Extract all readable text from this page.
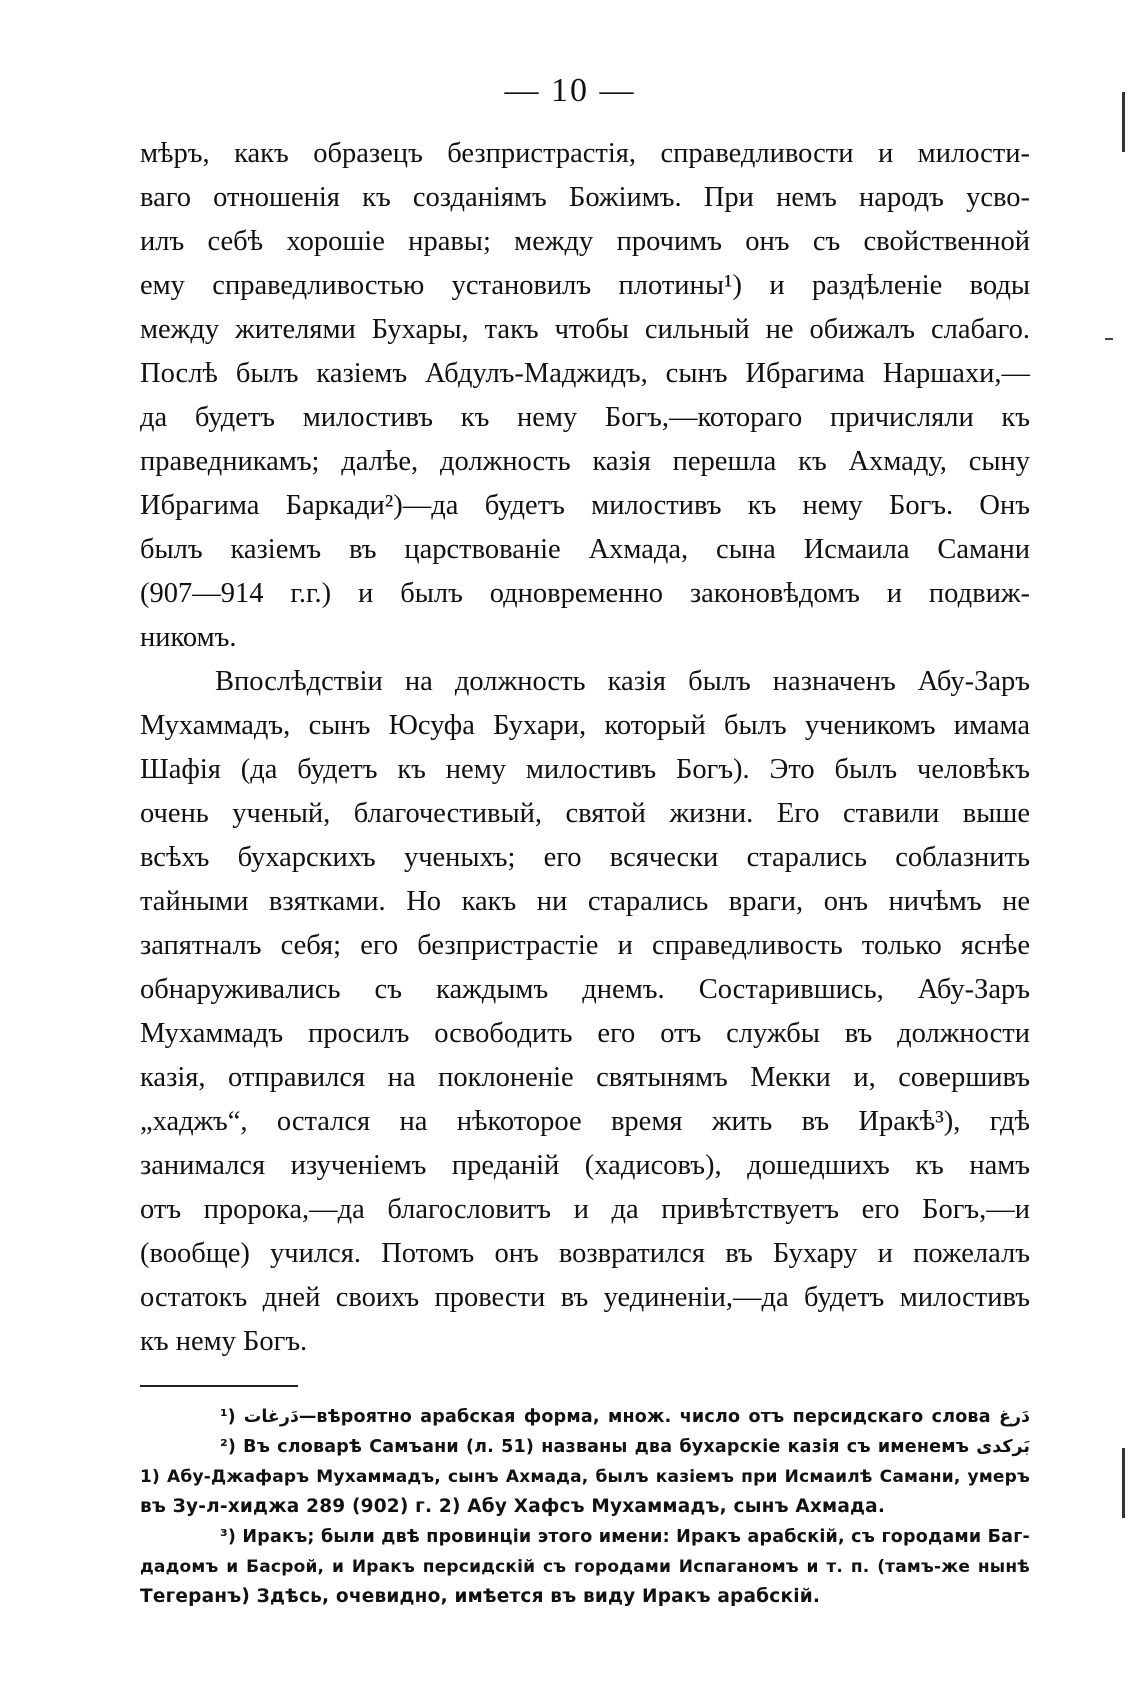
— 10 —
мѣръ, какъ образецъ безпристрастія, справедливости и милости-
ваго отношенія къ созданіямъ Божіимъ. При немъ народъ усво-
илъ себѣ хорошіе нравы; между прочимъ онъ съ свойственной
ему справедливостью установилъ плотины¹) и раздѣленіе воды
между жителями Бухары, такъ чтобы сильный не обижалъ слабаго.
Послѣ былъ казіемъ Абдулъ-Маджидъ, сынъ Ибрагима Наршахи,—
да будетъ милостивъ къ нему Богъ,—котораго причисляли къ
праведникамъ; далѣе, должность казія перешла къ Ахмаду, сыну
Ибрагима Баркади²)—да будетъ милостивъ къ нему Богъ. Онъ
былъ казіемъ въ царствованіе Ахмада, сына Исмаила Самани
(907—914 г.г.) и былъ одновременно законовѣдомъ и подвиж-
никомъ.
Впослѣдствіи на должность казія былъ назначенъ Абу-Заръ
Мухаммадъ, сынъ Юсуфа Бухари, который былъ ученикомъ имама
Шафія (да будетъ къ нему милостивъ Богъ). Это былъ человѣкъ
очень ученый, благочестивый, святой жизни. Его ставили выше
всѣхъ бухарскихъ ученыхъ; его всячески старались соблазнить
тайными взятками. Но какъ ни старались враги, онъ ничѣмъ не
запятналъ себя; его безпристрастіе и справедливость только яснѣе
обнаруживались съ каждымъ днемъ. Состарившись, Абу-Заръ
Мухаммадъ просилъ освободить его отъ службы въ должности
казія, отправился на поклоненіе святынямъ Мекки и, совершивъ
„хаджъ“, остался на нѣкоторое время жить въ Иракѣ³), гдѣ
занимался изученіемъ преданій (хадисовъ), дошедшихъ къ намъ
отъ пророка,—да благословитъ и да привѣтствуетъ его Богъ,—и
(вообще) учился. Потомъ онъ возвратился въ Бухару и пожелалъ
остатокъ дней своихъ провести въ уединеніи,—да будетъ милостивъ
къ нему Богъ.
¹) دَرغات—вѣроятно арабская форма, множ. число отъ персидскаго слова دَرغ
²) Въ словарѣ Самъани (л. 51) названы два бухарскіе казія съ именемъ بَرکدی
1) Абу-Джафаръ Мухаммадъ, сынъ Ахмада, былъ казіемъ при Исмаилѣ Самани, умеръ
въ Зу-л-хиджа 289 (902) г. 2) Абу Хафсъ Мухаммадъ, сынъ Ахмада.
³) Иракъ; были двѣ провинціи этого имени: Иракъ арабскій, съ городами Баг-
дадомъ и Басрой, и Иракъ персидскій съ городами Испаганомъ и т. п. (тамъ-же нынѣ
Тегеранъ) Здѣсь, очевидно, имѣется въ виду Иракъ арабскій.
